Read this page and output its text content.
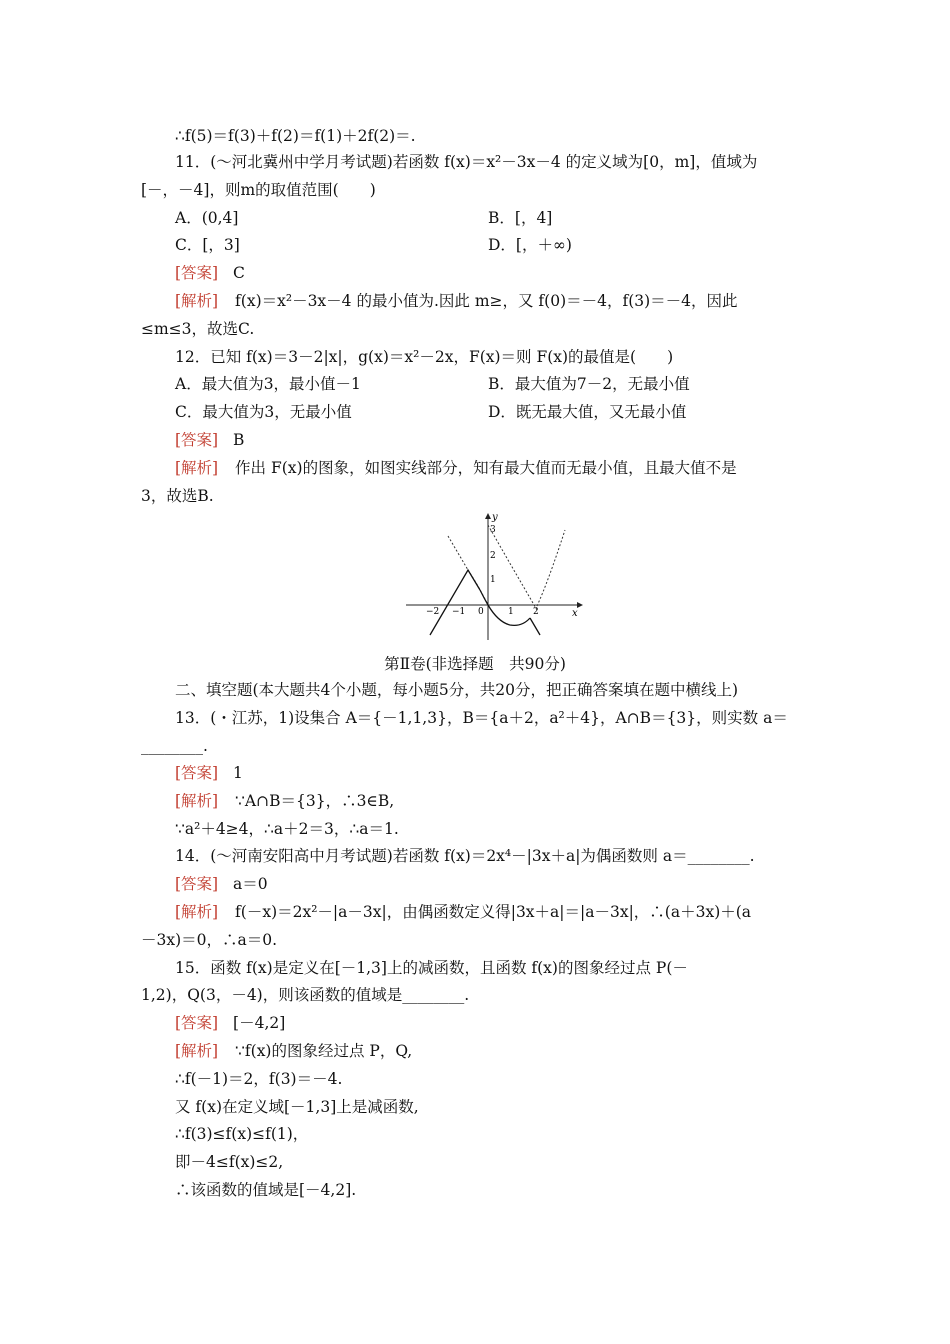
∴f(5)＝f(3)＋f(2)＝f(1)＋2f(2)＝.
11．(～河北冀州中学月考试题)若函数 f(x)＝x²－3x－4 的定义域为[0，m]，值域为
[－，－4]，则m的取值范围(　　)
A．(0,4]	B．[，4]
C．[，3]	D．[，＋∞)
[答案] C
[解析] f(x)＝x²－3x－4 的最小值为.因此 m≥，又 f(0)＝－4，f(3)＝－4，因此
≤m≤3，故选C.
12．已知 f(x)＝3－2|x|，g(x)＝x²－2x，F(x)＝则 F(x)的最值是(　　)
A．最大值为3，最小值－1	B．最大值为7－2，无最小值
C．最大值为3，无最小值	D．既无最大值，又无最小值
[答案] B
[解析] 作出 F(x)的图象，如图实线部分，知有最大值而无最小值，且最大值不是
3，故选B.
x
y
−2 −1 0	1 2
3
2
1
第Ⅱ卷(非选择题　共90分)
二、填空题(本大题共4个小题，每小题5分，共20分，把正确答案填在题中横线上)
13．(・江苏，1)设集合 A＝{－1,1,3}，B＝{a＋2，a²＋4}，A∩B＝{3}，则实数 a＝
________.
[答案] 1
[解析] ∵A∩B＝{3}，∴3∈B,
∵a²＋4≥4，∴a＋2＝3，∴a＝1.
14．(～河南安阳高中月考试题)若函数 f(x)＝2x⁴－|3x＋a|为偶函数则 a＝________.
[答案] a＝0
[解析] f(－x)＝2x²－|a－3x|，由偶函数定义得|3x＋a|＝|a－3x|，∴(a＋3x)＋(a
－3x)＝0，∴a＝0.
15．函数 f(x)是定义在[－1,3]上的减函数，且函数 f(x)的图象经过点 P(－
1,2)，Q(3，－4)，则该函数的值域是________.
[答案] [－4,2]
[解析] ∵f(x)的图象经过点 P，Q,
∴f(－1)＝2，f(3)＝－4.
又 f(x)在定义域[－1,3]上是减函数,
∴f(3)≤f(x)≤f(1)，
即－4≤f(x)≤2,
∴该函数的值域是[－4,2].
